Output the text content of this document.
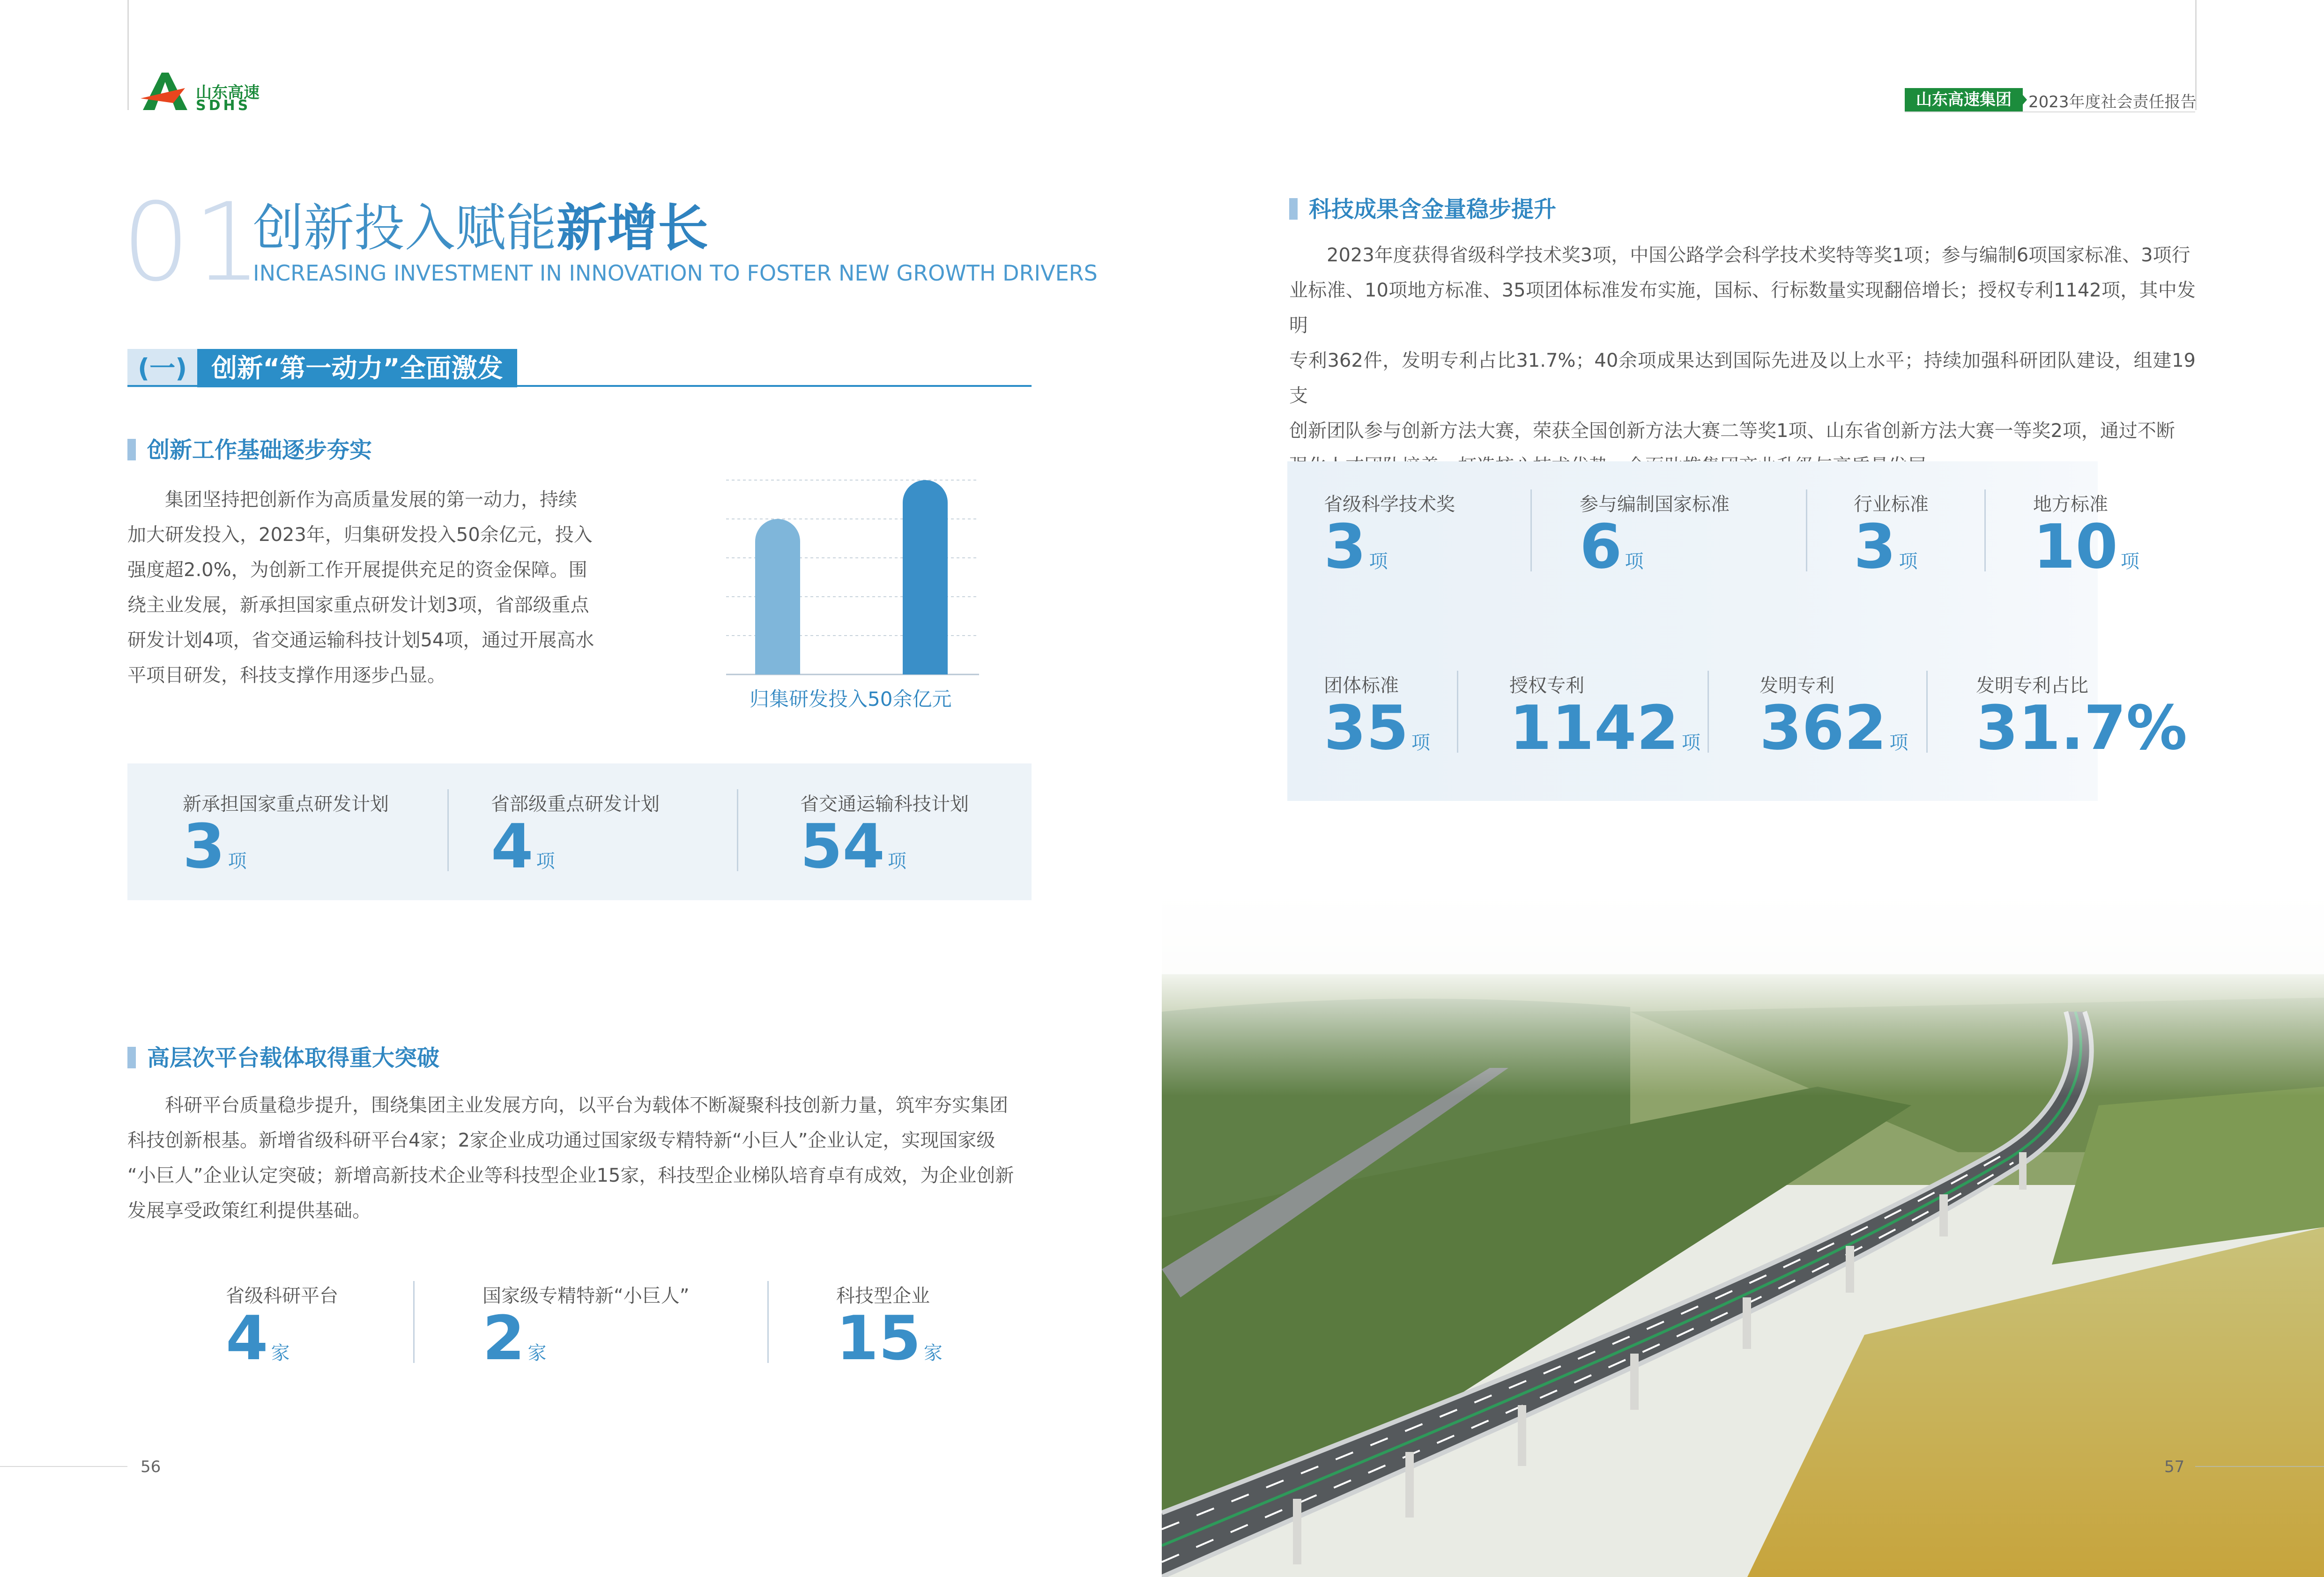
山东高速
SDHS	山东高速集团	2023年度社会责任报告
01
创新投入赋能新增长
INCREASING INVESTMENT IN INNOVATION TO FOSTER NEW GROWTH DRIVERS
(一) 创新“第一动力”全面激发
创新工作基础逐步夯实
　　集团坚持把创新作为高质量发展的第一动力，持续
加大研发投入，2023年，归集研发投入50余亿元，投入
强度超2.0%，为创新工作开展提供充足的资金保障。围
绕主业发展，新承担国家重点研发计划3项，省部级重点
研发计划4项，省交通运输科技计划54项，通过开展高水
平项目研发，科技支撑作用逐步凸显。
归集研发投入50余亿元
新承担国家重点研发计划
3 项
省部级重点研发计划
4 项
省交通运输科技计划
54 项
高层次平台载体取得重大突破
　　科研平台质量稳步提升，围绕集团主业发展方向，以平台为载体不断凝聚科技创新力量，筑牢夯实集团
科技创新根基。新增省级科研平台4家；2家企业成功通过国家级专精特新“小巨人”企业认定，实现国家级
“小巨人”企业认定突破；新增高新技术企业等科技型企业15家，科技型企业梯队培育卓有成效，为企业创新
发展享受政策红利提供基础。
省级科研平台
4 家
国家级专精特新“小巨人”
2 家
科技型企业
15 家
56
科技成果含金量稳步提升
　　2023年度获得省级科学技术奖3项，中国公路学会科学技术奖特等奖1项；参与编制6项国家标准、3项行
业标准、10项地方标准、35项团体标准发布实施，国标、行标数量实现翻倍增长；授权专利1142项，其中发明
专利362件，发明专利占比31.7%；40余项成果达到国际先进及以上水平；持续加强科研团队建设，组建19支
创新团队参与创新方法大赛，荣获全国创新方法大赛二等奖1项、山东省创新方法大赛一等奖2项，通过不断
省级科学技术奖
3 项
参与编制国家标准
6 项
行业标准
3 项
地方标准
10 项
团体标准
35 项
授权专利
1142 项
发明专利
362 项
发明专利占比
31.7%
57
